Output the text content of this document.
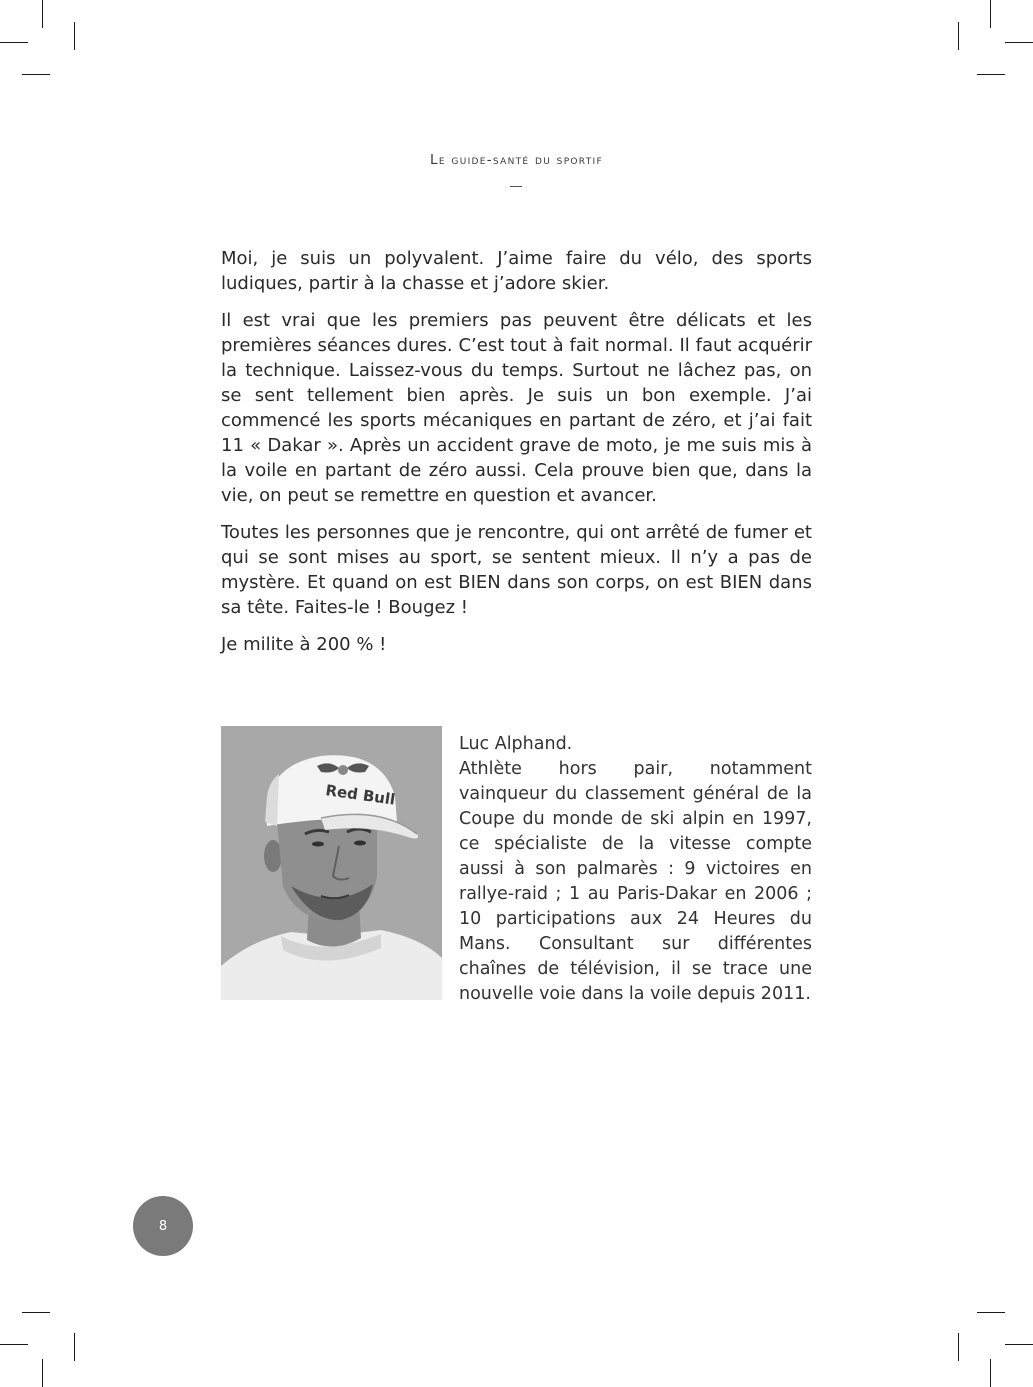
Le guide-santé du sportif

Moi, je suis un polyvalent. J’aime faire du vélo, des sports ludiques, partir à la chasse et j’adore skier.

Il est vrai que les premiers pas peuvent être délicats et les premières séances dures. C’est tout à fait normal. Il faut acquérir la technique. Laissez-vous du temps. Surtout ne lâchez pas, on se sent tellement bien après. Je suis un bon exemple. J’ai commencé les sports mécaniques en partant de zéro, et j’ai fait 11 « Dakar ». Après un accident grave de moto, je me suis mis à la voile en partant de zéro aussi. Cela prouve bien que, dans la vie, on peut se remettre en question et avancer.

Toutes les personnes que je rencontre, qui ont arrêté de fumer et qui se sont mises au sport, se sentent mieux. Il n’y a pas de mystère. Et quand on est BIEN dans son corps, on est BIEN dans sa tête. Faites-le ! Bougez !

Je milite à 200 % !

Red Bull
Luc Alphand.
Athlète hors pair, notamment vainqueur du classement général de la Coupe du monde de ski alpin en 1997, ce spécialiste de la vitesse compte aussi à son palmarès : 9 victoires en rallye-raid ; 1 au Paris-Dakar en 2006 ; 10 participations aux 24 Heures du Mans. Consultant sur différentes chaînes de télévision, il se trace une nouvelle voie dans la voile depuis 2011.
8
